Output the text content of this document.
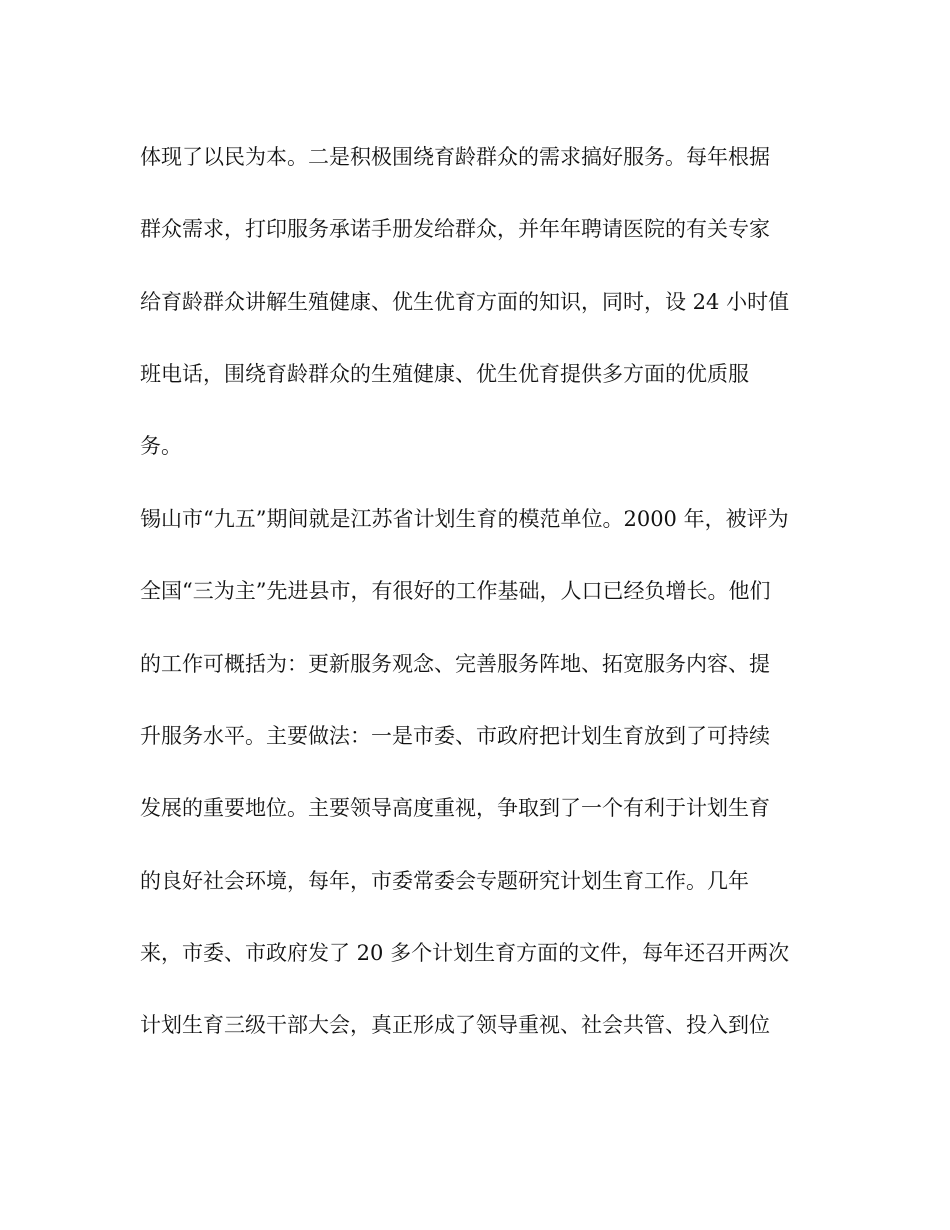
体现了以民为本。二是积极围绕育龄群众的需求搞好服务。每年根据
群众需求，打印服务承诺手册发给群众，并年年聘请医院的有关专家
给育龄群众讲解生殖健康、优生优育方面的知识，同时，设 24 小时值
班电话，围绕育龄群众的生殖健康、优生优育提供多方面的优质服
务。
锡山市“九五”期间就是江苏省计划生育的模范单位。2000 年，被评为
全国“三为主”先进县市，有很好的工作基础，人口已经负增长。他们
的工作可概括为：更新服务观念、完善服务阵地、拓宽服务内容、提
升服务水平。主要做法：一是市委、市政府把计划生育放到了可持续
发展的重要地位。主要领导高度重视，争取到了一个有利于计划生育
的良好社会环境，每年，市委常委会专题研究计划生育工作。几年
来，市委、市政府发了 20 多个计划生育方面的文件，每年还召开两次
计划生育三级干部大会，真正形成了领导重视、社会共管、投入到位
